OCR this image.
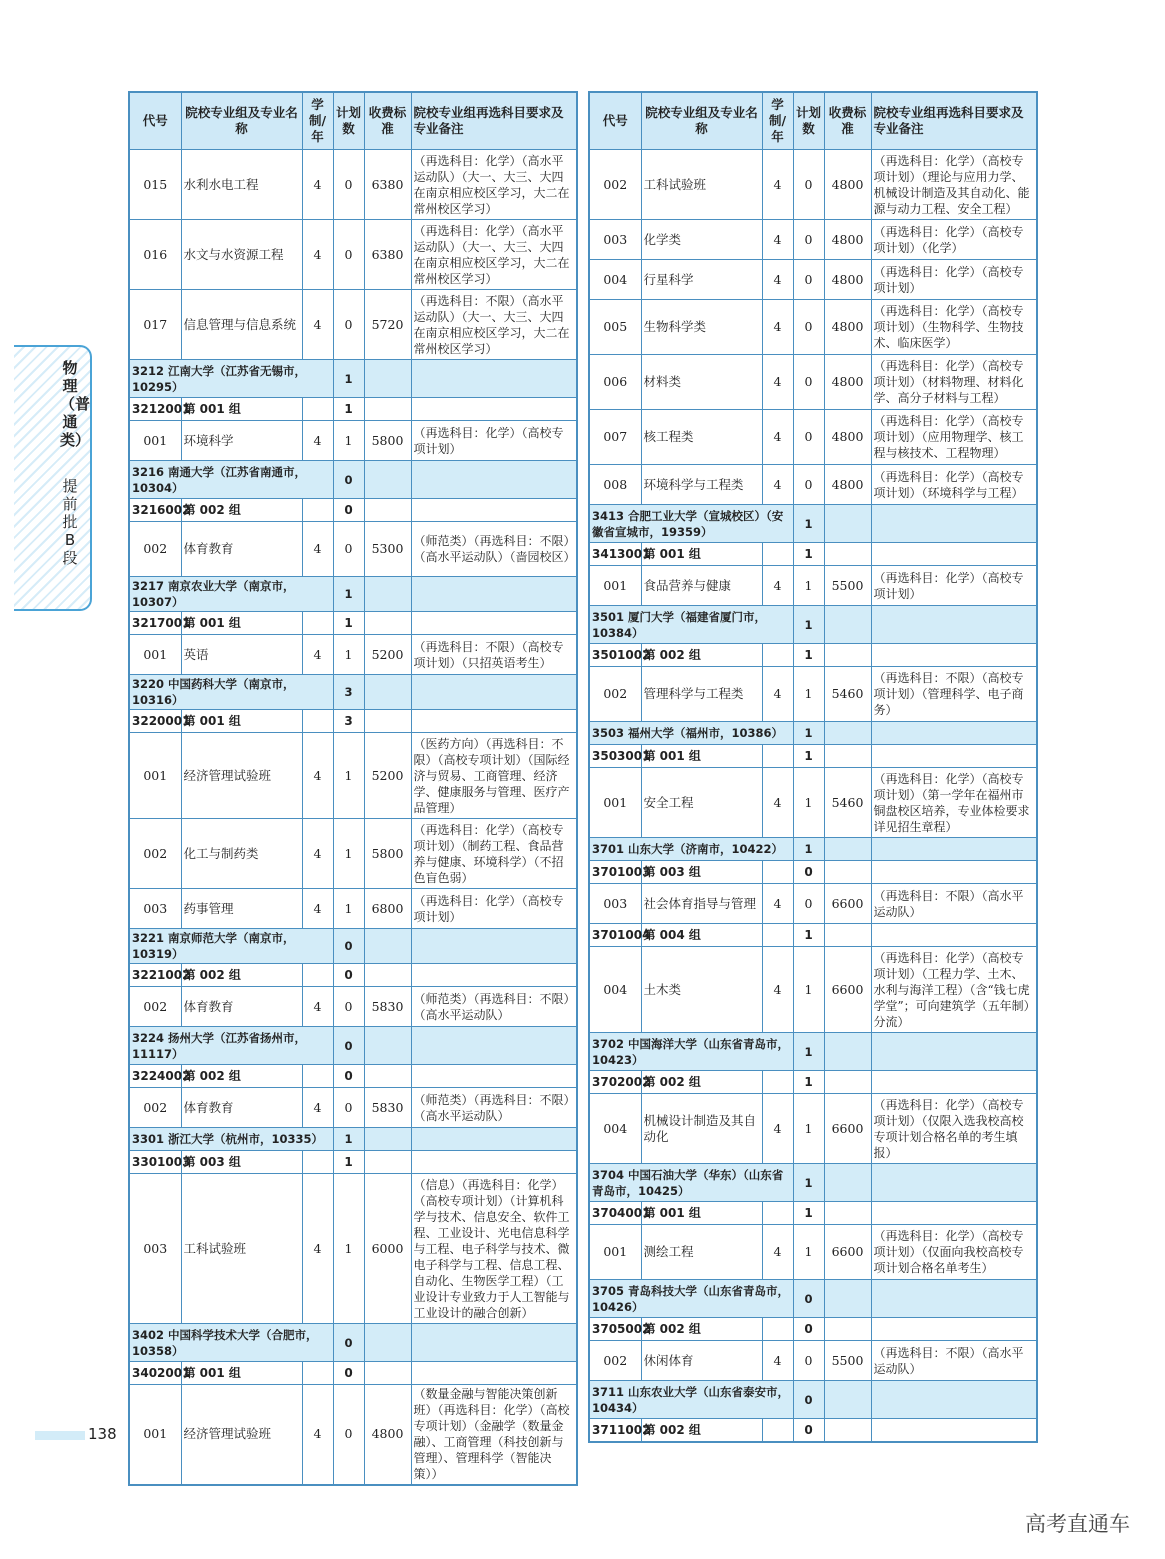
物理（普通类）
提前批B段
代号	院校专业组及专业名称	学制/年	计划数	收费标准	院校专业组再选科目要求及专业备注
015	水利水电工程	4	0	6380	（再选科目：化学）（高水平运动队）（大一、大三、大四在南京相应校区学习，大二在常州校区学习）
016	水文与水资源工程	4	0	6380	（再选科目：化学）（高水平运动队）（大一、大三、大四在南京相应校区学习，大二在常州校区学习）
017	信息管理与信息系统	4	0	5720	（再选科目：不限）（高水平运动队）（大一、大三、大四在南京相应校区学习，大二在常州校区学习）
3212 江南大学（江苏省无锡市，10295）			1		
3212001	第 001 组		1		
001	环境科学	4	1	5800	（再选科目：化学）（高校专项计划）
3216 南通大学（江苏省南通市，10304）			0		
3216002	第 002 组		0		
002	体育教育	4	0	5300	（师范类）（再选科目：不限）（高水平运动队）（啬园校区）
3217 南京农业大学（南京市，10307）			1		
3217001	第 001 组		1		
001	英语	4	1	5200	（再选科目：不限）（高校专项计划）（只招英语考生）
3220 中国药科大学（南京市，10316）			3		
3220001	第 001 组		3		
001	经济管理试验班	4	1	5200	（医药方向）（再选科目：不限）（高校专项计划）（国际经济与贸易、工商管理、经济学、健康服务与管理、医疗产品管理）
002	化工与制药类	4	1	5800	（再选科目：化学）（高校专项计划）（制药工程、食品营养与健康、环境科学）（不招色盲色弱）
003	药事管理	4	1	6800	（再选科目：化学）（高校专项计划）
3221 南京师范大学（南京市，10319）			0		
3221002	第 002 组		0		
002	体育教育	4	0	5830	（师范类）（再选科目：不限）（高水平运动队）
3224 扬州大学（江苏省扬州市，11117）			0		
3224002	第 002 组		0		
002	体育教育	4	0	5830	（师范类）（再选科目：不限）（高水平运动队）
3301 浙江大学（杭州市，10335）			1		
3301003	第 003 组		1		
003	工科试验班	4	1	6000	（信息）（再选科目：化学）（高校专项计划）（计算机科学与技术、信息安全、软件工程、工业设计、光电信息科学与工程、电子科学与技术、微电子科学与工程、信息工程、自动化、生物医学工程）（工业设计专业致力于人工智能与工业设计的融合创新）
3402 中国科学技术大学（合肥市，10358）			0		
3402001	第 001 组		0		
001	经济管理试验班	4	0	4800	（数量金融与智能决策创新班）（再选科目：化学）（高校专项计划）（金融学（数量金融）、工商管理（科技创新与管理）、管理科学（智能决策））
代号	院校专业组及专业名称	学制/年	计划数	收费标准	院校专业组再选科目要求及专业备注
002	工科试验班	4	0	4800	（再选科目：化学）（高校专项计划）（理论与应用力学、机械设计制造及其自动化、能源与动力工程、安全工程）
003	化学类	4	0	4800	（再选科目：化学）（高校专项计划）（化学）
004	行星科学	4	0	4800	（再选科目：化学）（高校专项计划）
005	生物科学类	4	0	4800	（再选科目：化学）（高校专项计划）（生物科学、生物技术、临床医学）
006	材料类	4	0	4800	（再选科目：化学）（高校专项计划）（材料物理、材料化学、高分子材料与工程）
007	核工程类	4	0	4800	（再选科目：化学）（高校专项计划）（应用物理学、核工程与核技术、工程物理）
008	环境科学与工程类	4	0	4800	（再选科目：化学）（高校专项计划）（环境科学与工程）
3413 合肥工业大学（宣城校区）（安徽省宣城市，19359）			1		
3413001	第 001 组		1		
001	食品营养与健康	4	1	5500	（再选科目：化学）（高校专项计划）
3501 厦门大学（福建省厦门市，10384）			1		
3501002	第 002 组		1		
002	管理科学与工程类	4	1	5460	（再选科目：不限）（高校专项计划）（管理科学、电子商务）
3503 福州大学（福州市，10386）			1		
3503001	第 001 组		1		
001	安全工程	4	1	5460	（再选科目：化学）（高校专项计划）（第一学年在福州市铜盘校区培养，专业体检要求详见招生章程）
3701 山东大学（济南市，10422）			1		
3701003	第 003 组		0		
003	社会体育指导与管理	4	0	6600	（再选科目：不限）（高水平运动队）
3701004	第 004 组		1		
004	土木类	4	1	6600	（再选科目：化学）（高校专项计划）（工程力学、土木、水利与海洋工程）（含“钱七虎学堂”；可向建筑学（五年制）分流）
3702 中国海洋大学（山东省青岛市，10423）			1		
3702002	第 002 组		1		
004	机械设计制造及其自动化	4	1	6600	（再选科目：化学）（高校专项计划）（仅限入选我校高校专项计划合格名单的考生填报）
3704 中国石油大学（华东）（山东省青岛市，10425）			1		
3704001	第 001 组		1		
001	测绘工程	4	1	6600	（再选科目：化学）（高校专项计划）（仅面向我校高校专项计划合格名单考生）
3705 青岛科技大学（山东省青岛市，10426）			0		
3705002	第 002 组		0		
002	休闲体育	4	0	5500	（再选科目：不限）（高水平运动队）
3711 山东农业大学（山东省泰安市，10434）			0		
3711002	第 002 组		0		
138
高考直通车
